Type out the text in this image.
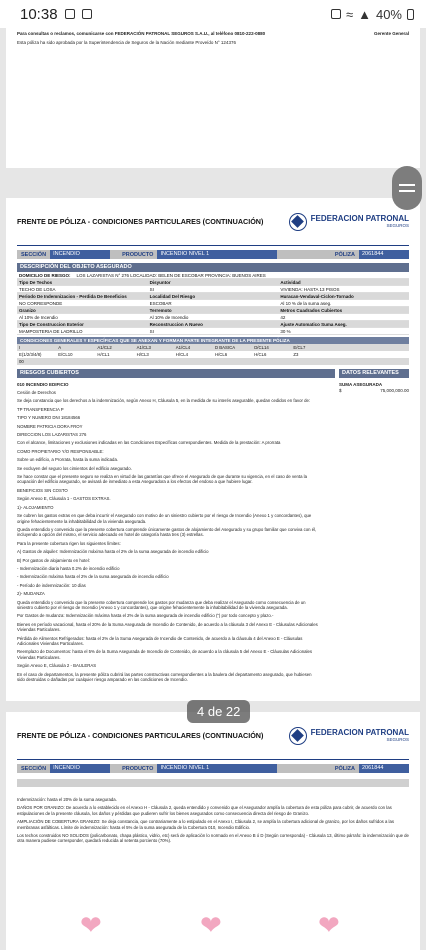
10:38	≈ ▲ 40%
Para consultas o reclamos, comunicarse con FEDERACIÓN PATRONAL SEGUROS S.A.U., al teléfono 0810-222-0880	Gerente General
Esta póliza ha sido aprobada por la Superintendencia de Seguros de la Nación mediante Proveído N° 124376
FRENTE DE PÓLIZA - CONDICIONES PARTICULARES (CONTINUACIÓN)	FEDERACION PATRONAL
SEGUROS
SECCIÓN	INCENDIO	PRODUCTO	INCENDIO NIVEL 1	PÓLIZA	2061844
DESCRIPCIÓN DEL OBJETO ASEGURADO
DOMICILIO DE RIESGO:	LOS LAZARISTAS N° 276 LOCALIDAD: BELEN DE ESCOBAR PROVINCIA: BUENOS AIRES
Tipo De Techos	Disyuntor	Actividad
TECHO DE LOSA	SI	VIVIENDA: HASTA 13 PISOS
Periodo De Indemnizacion - Perdida De Beneficios	Localidad Del Riesgo	Huracan-Vendaval-Ciclon-Tornado
NO CORRESPONDE	ESCOBAR	Al 10 % de la suma aseg.
Granizo	Terremoto	Metros Cuadrados Cubiertos
Al 10% de Incendio	Al 10% de Incendio	42
Tipo De Construccion Exterior	Reconstruccion A Nuevo	Ajuste Automatico Suma Aseg.
MAMPOSTERIA DE LADRILLO	SI	30 %
CONDICIONES GENERALES Y ESPECÍFICAS QUE SE ANEXAN Y FORMAN PARTE INTEGRANTE DE LA PRESENTE PÓLIZA
I	A	A1/CL2	A1/CL3	A1/CL4	D BASICA	D/CL14	E/CL7
E(1/2/3/4/8)	E/CL10	H/CL1	H/CL3	H/CL4	H/CL6	H/CL6	Z3
00
RIESGOS CUBIERTOS	DATOS RELEVANTES
010 INCENDIO EDIFICIO	SUMA ASEGURADA
$	75,000,000.00

Cesión de Derechos

Se deja constancia que los derechos a la indemnización, según Anexo H, Cláusula 5, en la medida de su interés asegurable, quedan cedidos en favor de:

TP TRANSFERENCIA P

TIPO Y NUMERO DNI 18184566

NOMBRE PATRICIA DORA FROY

DIRECCION LOS LAZARISTAS 276

Con el alcance, limitaciones y exclusiones indicadas en las Condiciones Específicas correspondientes. Medida de la prestación: A prorrata

COMO PROPIETARIO Y/O RESPONSABLE:

Sobre un edificio, a Prorrata, hasta la suma indicada.

Se excluyen del seguro los cimientos del edificio asegurado.

Se hace constar que el presente seguro se realiza en virtud de las garantías que ofrece el Asegurado de que durante su vigencia, en el caso de venta la ocupación del edificio asegurado, se avisará de inmediato a esta Aseguradora a los efectos del endoso a que hubiere lugar.

BENEFICIOS SIN COSTO

Según Anexo E, Cláusula 1 - GASTOS EXTRAS.

1)- ALOJAMIENTO

Se cubren los gastos extras en que deba incurrir el Asegurado con motivo de un siniestro cubierto por el riesgo de Incendio (Anexo 1 y concordantes), que origine fehacientemente la inhabitabilidad de la vivienda asegurada.

Queda entendido y convenido que la presente cobertura comprende únicamente gastos de alojamiento del Asegurado y su grupo familiar que conviva con él, incluyendo a opción del mismo, el servicio adecuado en hotel de categoría hasta tres (3) estrellas.

Para la presente cobertura rigen los siguientes límites:

A) Gastos de alquiler: Indemnización máxima hasta el 2% de la suma asegurada de incendio edificio

B) Por gastos de alojamiento en hotel:

- Indemnización diaria hasta 0.2% de incendio edificio

- Indemnización máxima hasta el 2% de la suma asegurada de incendio edificio

- Período de indemnización: 10 días

2)- MUDANZA

Queda entendido y convenido que la presente cobertura comprende los gastos por mudanza que deba realizar el Asegurado como consecuencia de un siniestro cubierto por el riesgo de Incendio (Anexo 1 y concordantes), que origine fehacientemente la inhabitabilidad de la vivienda asegurada.

Por Gastos de mudanza: Indemnización máxima hasta el 2% de la suma asegurada de incendio edificio (") por todo concepto y plazo.-

Bienes en período vacacional, hasta el 20% de la Suma Asegurada de Incendio de Contenido, de acuerdo a la cláusula 3 del Anexo E - Cláusulas Adicionales Viviendas Particulares.

Pérdida de Alimentos Refrigerados: hasta el 2% de la Suma Asegurada de Incendio de Contenido, de acuerdo a la cláusula 4 del Anexo E - Cláusulas Adicionales Viviendas Particulares.

Reemplazo de Documentos: hasta el 5% de la Suma Asegurada de Incendio de Contenido, de acuerdo a la cláusula 5 del Anexo E - Cláusulas Adicionales Viviendas Particulares.

Según Anexo E, Cláusula 2 - BAULERAS

En el caso de departamentos, la presente póliza cubrirá las partes constructivas correspondientes a la baulera del departamento asegurado, que hubiesen sido destruidas o dañadas por cualquier riesgo amparado en las condiciones de Incendio.

FRENTE DE PÓLIZA - CONDICIONES PARTICULARES (CONTINUACIÓN)	FEDERACION PATRONAL
SEGUROS
SECCIÓN	INCENDIO	PRODUCTO	INCENDIO NIVEL 1	PÓLIZA	2061844

Indemnización: hasta el 20% de la suma asegurada.

DAÑOS POR GRANIZO: De acuerdo a lo establecido en el Anexo H - Cláusula 2, queda entendido y convenido que el Asegurador amplía la cobertura de esta póliza para cubrir, de acuerdo con las estipulaciones de la presente cláusula, los daños y pérdidas que pudieren sufrir los bienes asegurados como consecuencia directa del riesgo de Granizo.

AMPLIACIÓN DE COBERTURA GRANIZO: Se deja constancia, que contrariamente a lo estipulado en el Anexo I, Cláusula 2, se amplía la cobertura adicional de granizo, por los daños sufridos a las membranas asfálticas. Límite de indemnización: hasta el 5% de la suma asegurada de la Cobertura 010, Incendio Edificio.

Los techos construidos NO SOLIDOS (policarbonato, chapa plástico, vidrio, etc) será de aplicación lo normado en el Anexo B ó D (Según corresponda) - Cláusula 13, último párrafo: la indemnización que de otra manera pudiese corresponder, quedará reducida al setenta porciento (70%).

4 de 22
❤	❤	❤
